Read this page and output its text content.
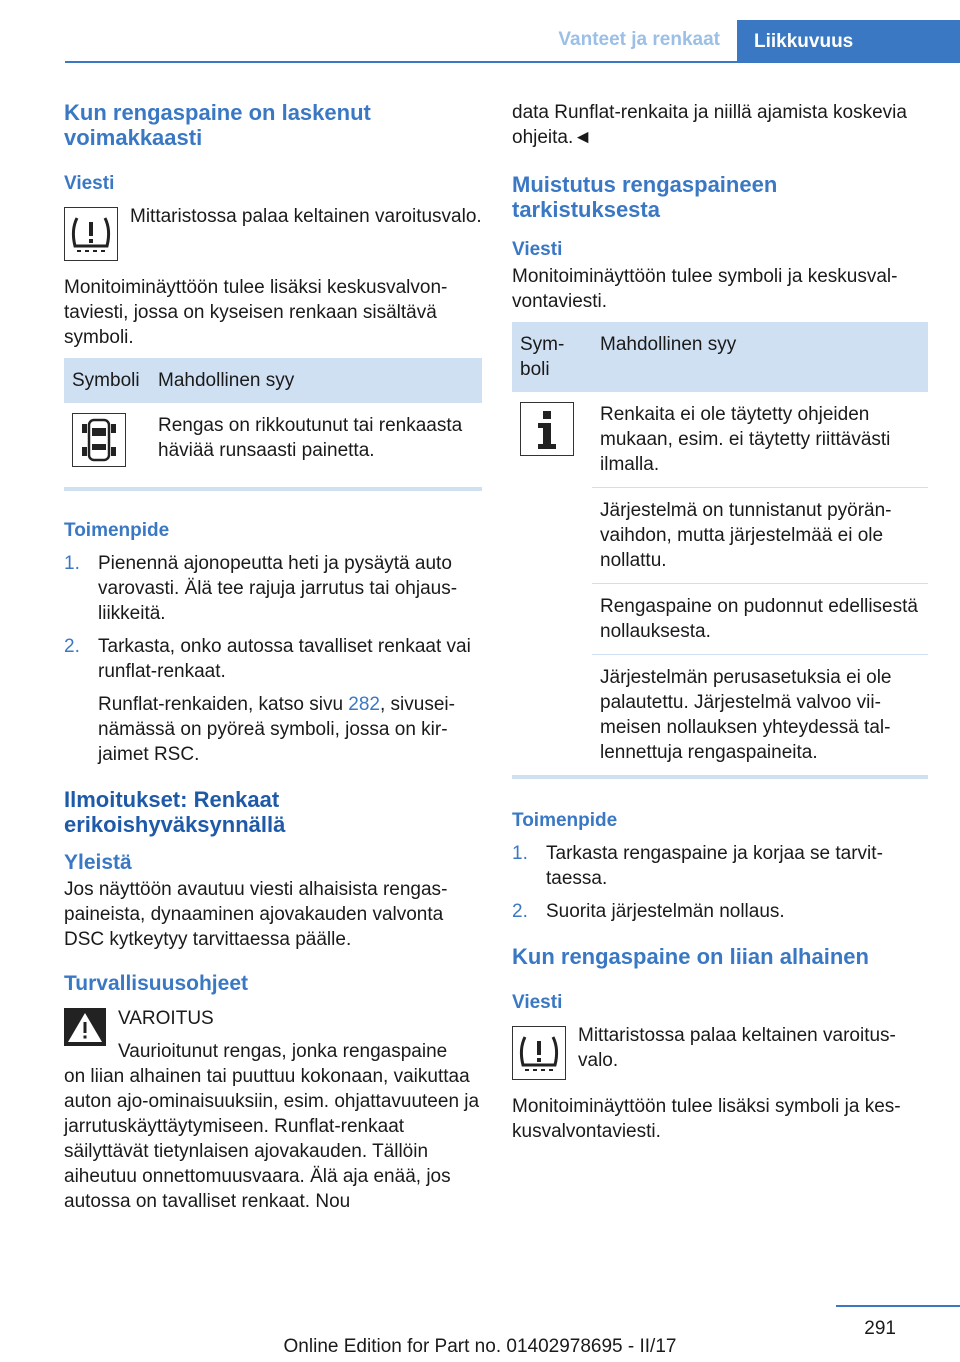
Vanteet ja renkaat	Liikkuvuus
Kun rengaspaine on laskenut voimakkaasti
Viesti
Mittaristossa palaa keltainen varoitusvalo.
Monitoiminäyttöön tulee lisäksi keskusvalvontaviesti, jossa on kyseisen renkaan sisältävä symboli.
Symboli	Mahdollinen syy

	Rengas on rikkoutunut tai renkaasta häviää runsaasti painetta.
Toimenpide
1. Pienennä ajonopeutta heti ja pysäytä auto varovasti. Älä tee rajuja jarrutus tai ohjausliikkeitä.
2. Tarkasta, onko autossa tavalliset renkaat vai runflat-renkaat.
Runflat-renkaiden, katso sivu 282, sivuseinämässä on pyöreä symboli, jossa on kirjaimet RSC.
Ilmoitukset: Renkaat erikoishyväksynnällä
Yleistä
Jos näyttöön avautuu viesti alhaisista rengaspaineista, dynaaminen ajovakauden valvonta DSC kytkeytyy tarvittaessa päälle.
Turvallisuusohjeet
VAROITUS
Vaurioitunut rengas, jonka rengaspaine
on liian alhainen tai puuttuu kokonaan, vaikuttaa auton ajo-ominaisuuksiin, esim. ohjattavuuteen ja jarrutuskäyttäytymiseen. Runflat-renkaat säilyttävät tietynlaisen ajovakauden. Tällöin aiheutuu onnettomuusvaara. Älä aja enää, jos autossa on tavalliset renkaat. Nou
data Runflat-renkaita ja niillä ajamista koskevia ohjeita.◄
Muistutus rengaspaineen tarkistuksesta
Viesti
Monitoiminäyttöön tulee symboli ja keskusvalvontaviesti.
Symboli	Mahdollinen syy

	Renkaita ei ole täytetty ohjeiden mukaan, esim. ei täytetty riittävästi ilmalla.
	Järjestelmä on tunnistanut pyöränvaihdon, mutta järjestelmää ei ole nollattu.
	Rengaspaine on pudonnut edellisestä nollauksesta.
	Järjestelmän perusasetuksia ei ole palautettu. Järjestelmä valvoo viimeisen nollauksen yhteydessä tallennettuja rengaspaineita.
Toimenpide
1. Tarkasta rengaspaine ja korjaa se tarvittaessa.
2. Suorita järjestelmän nollaus.
Kun rengaspaine on liian alhainen
Viesti
Mittaristossa palaa keltainen varoitusvalo.
Monitoiminäyttöön tulee lisäksi symboli ja keskusvalvontaviesti.
291
Online Edition for Part no. 01402978695 - II/17
